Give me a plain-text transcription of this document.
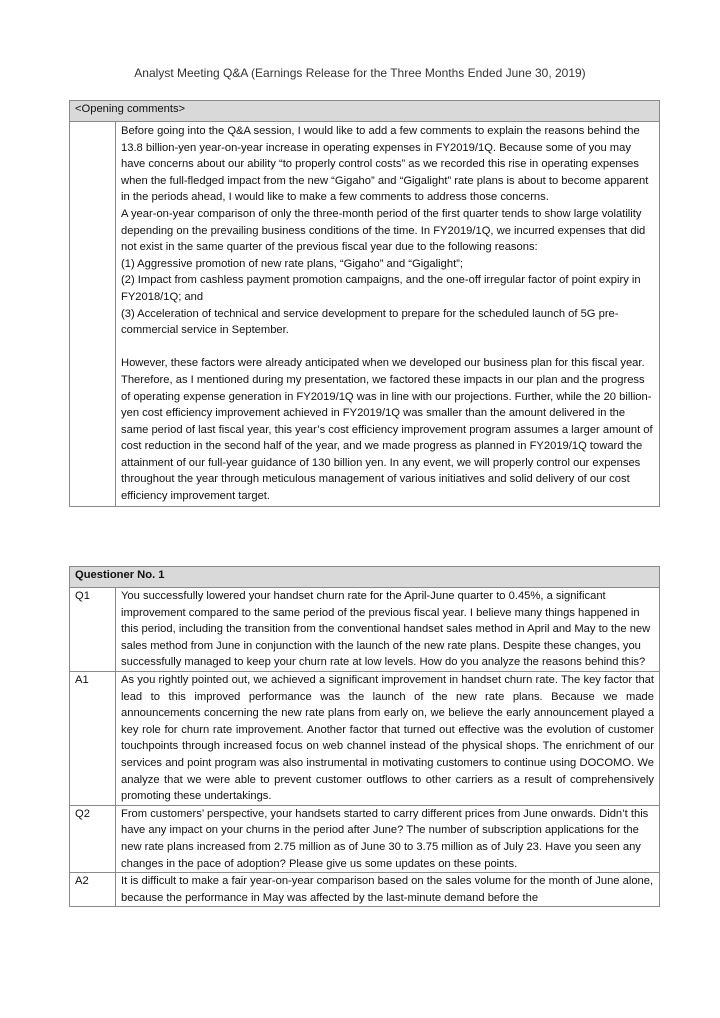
Analyst Meeting Q&A (Earnings Release for the Three Months Ended June 30, 2019)
<Opening comments>

Before going into the Q&A session, I would like to add a few comments to explain the reasons behind the 13.8 billion-yen year-on-year increase in operating expenses in FY2019/1Q. Because some of you may have concerns about our ability “to properly control costs” as we recorded this rise in operating expenses when the full-fledged impact from the new “Gigaho” and “Gigalight” rate plans is about to become apparent in the periods ahead, I would like to make a few comments to address those concerns.

A year-on-year comparison of only the three-month period of the first quarter tends to show large volatility depending on the prevailing business conditions of the time. In FY2019/1Q, we incurred expenses that did not exist in the same quarter of the previous fiscal year due to the following reasons:

(1) Aggressive promotion of new rate plans, “Gigaho” and “Gigalight”;

(2) Impact from cashless payment promotion campaigns, and the one-off irregular factor of point expiry in FY2018/1Q; and

(3) Acceleration of technical and service development to prepare for the scheduled launch of 5G pre-commercial service in September.

However, these factors were already anticipated when we developed our business plan for this fiscal year. Therefore, as I mentioned during my presentation, we factored these impacts in our plan and the progress of operating expense generation in FY2019/1Q was in line with our projections. Further, while the 20 billion-yen cost efficiency improvement achieved in FY2019/1Q was smaller than the amount delivered in the same period of last fiscal year, this year’s cost efficiency improvement program assumes a larger amount of cost reduction in the second half of the year, and we made progress as planned in FY2019/1Q toward the attainment of our full-year guidance of 130 billion yen. In any event, we will properly control our expenses throughout the year through meticulous management of various initiatives and solid delivery of our cost efficiency improvement target.

Questioner No. 1	
Q1	You successfully lowered your handset churn rate for the April-June quarter to 0.45%, a significant improvement compared to the same period of the previous fiscal year. I believe many things happened in this period, including the transition from the conventional handset sales method in April and May to the new sales method from June in conjunction with the launch of the new rate plans. Despite these changes, you successfully managed to keep your churn rate at low levels. How do you analyze the reasons behind this?
A1	As you rightly pointed out, we achieved a significant improvement in handset churn rate. The key factor that lead to this improved performance was the launch of the new rate plans. Because we made announcements concerning the new rate plans from early on, we believe the early announcement played a key role for churn rate improvement. Another factor that turned out effective was the evolution of customer touchpoints through increased focus on web channel instead of the physical shops. The enrichment of our services and point program was also instrumental in motivating customers to continue using DOCOMO. We analyze that we were able to prevent customer outflows to other carriers as a result of comprehensively promoting these undertakings.
Q2	From customers’ perspective, your handsets started to carry different prices from June onwards. Didn’t this have any impact on your churns in the period after June? The number of subscription applications for the new rate plans increased from 2.75 million as of June 30 to 3.75 million as of July 23. Have you seen any changes in the pace of adoption? Please give us some updates on these points.
A2	It is difficult to make a fair year-on-year comparison based on the sales volume for the month of June alone, because the performance in May was affected by the last-minute demand before the
